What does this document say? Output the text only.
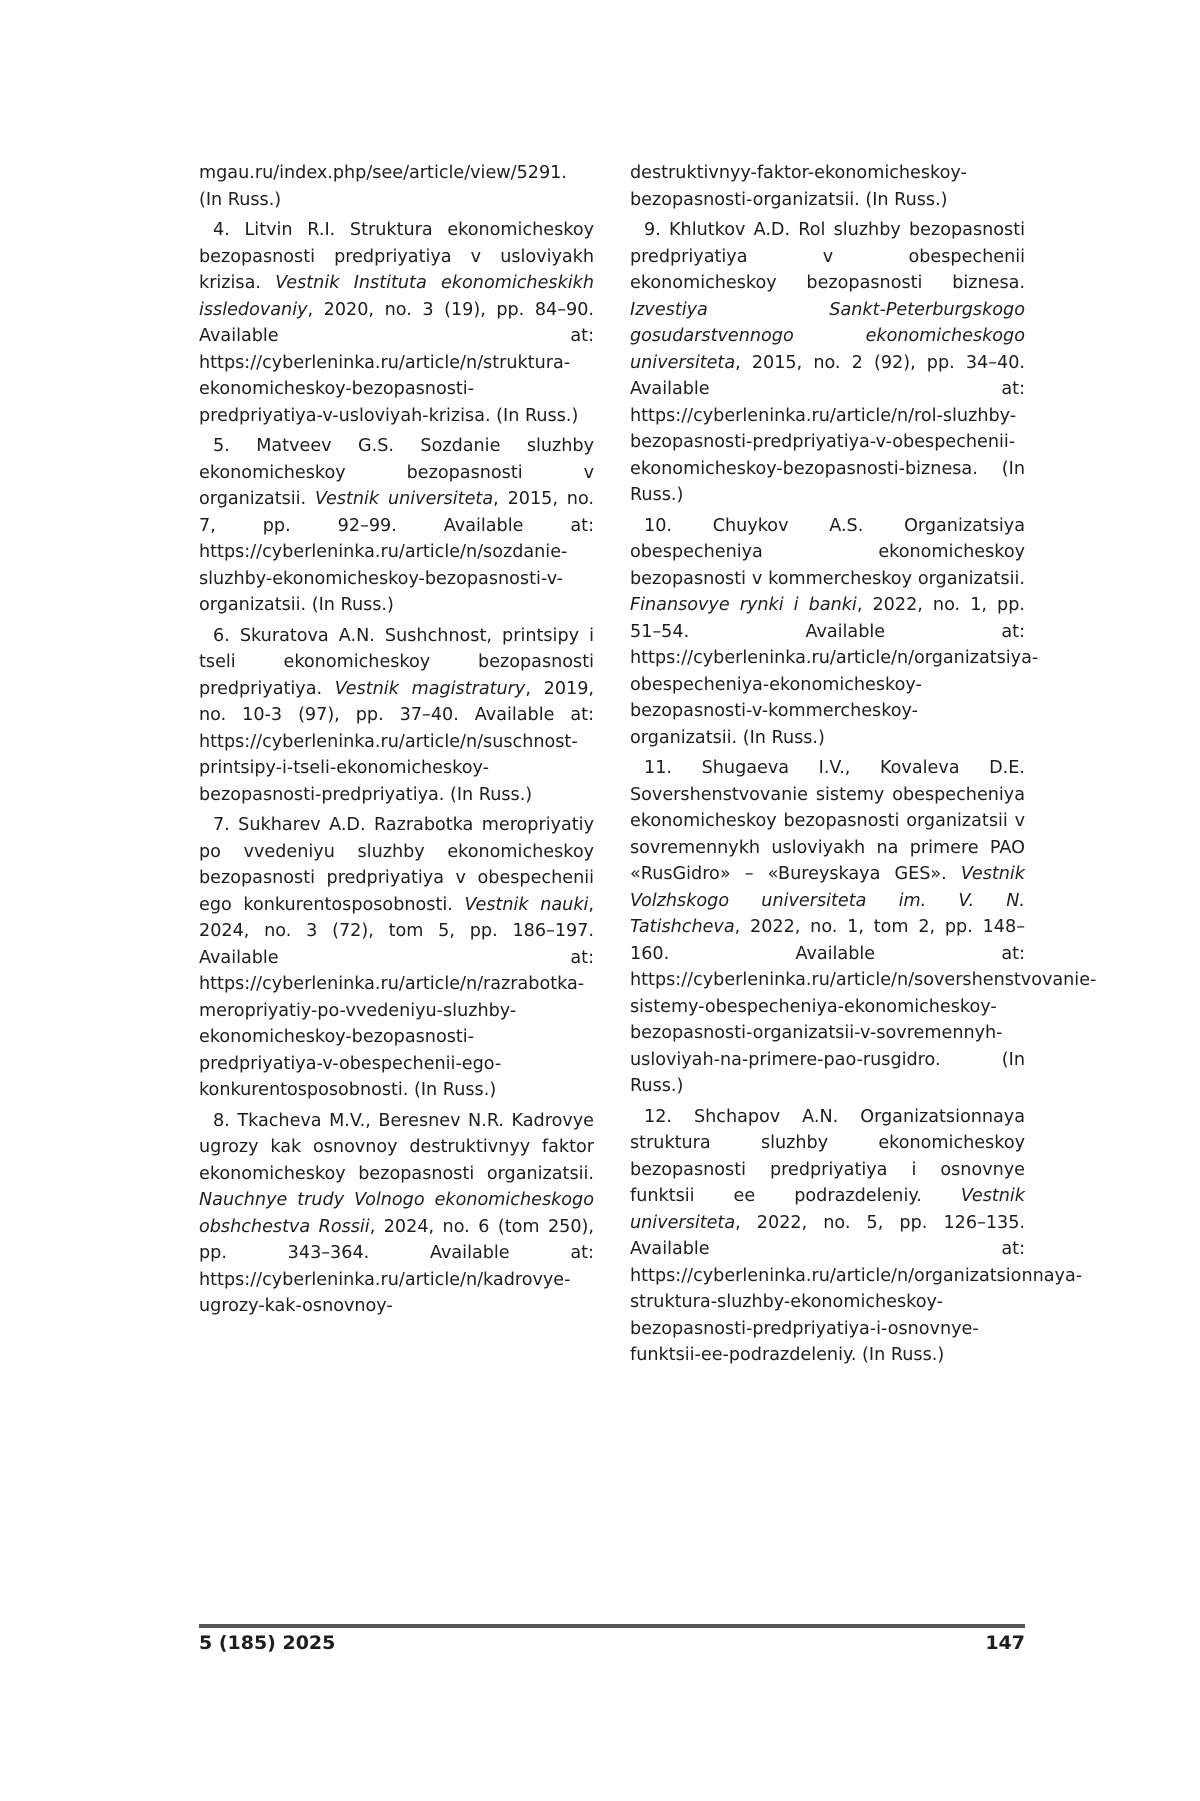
mgau.ru/index.php/see/article/view/5291. (In Russ.)

4. Litvin R.I. Struktura ekonomicheskoy bezopasnosti predpriyatiya v usloviyakh krizisa. Vestnik Instituta ekonomicheskikh issledovaniy, 2020, no. 3 (19), pp. 84–90. Available at: https://cyberleninka.ru/article/n/struktura-ekonomicheskoy-bezopasnosti-predpriyatiya-v-usloviyah-krizisa. (In Russ.)

5. Matveev G.S. Sozdanie sluzhby ekonomicheskoy bezopasnosti v organizatsii. Vestnik universiteta, 2015, no. 7, pp. 92–99. Available at: https://cyberleninka.ru/article/n/sozdanie-sluzhby-ekonomicheskoy-bezopasnosti-v-organizatsii. (In Russ.)

6. Skuratova A.N. Sushchnost, printsipy i tseli ekonomicheskoy bezopasnosti predpriyatiya. Vestnik magistratury, 2019, no. 10-3 (97), pp. 37–40. Available at: https://cyberleninka.ru/article/n/suschnost-printsipy-i-tseli-ekonomicheskoy-bezopasnosti-predpriyatiya. (In Russ.)

7. Sukharev A.D. Razrabotka meropriyatiy po vvedeniyu sluzhby ekonomicheskoy bezopasnosti predpriyatiya v obespechenii ego konkurentosposobnosti. Vestnik nauki, 2024, no. 3 (72), tom 5, pp. 186–197. Available at: https://cyberleninka.ru/article/n/razrabotka-meropriyatiy-po-vvedeniyu-sluzhby-ekonomicheskoy-bezopasnosti-predpriyatiya-v-obespechenii-ego-konkurentosposobnosti. (In Russ.)

8. Tkacheva M.V., Beresnev N.R. Kadrovye ugrozy kak osnovnoy destruktivnyy faktor ekonomicheskoy bezopasnosti organizatsii. Nauchnye trudy Volnogo ekonomicheskogo obshchestva Rossii, 2024, no. 6 (tom 250), pp. 343–364. Available at: https://cyberleninka.ru/article/n/kadrovye-ugrozy-kak-osnovnoy-

destruktivnyy-faktor-ekonomicheskoy-bezopasnosti-organizatsii. (In Russ.)

9. Khlutkov A.D. Rol sluzhby bezopasnosti predpriyatiya v obespechenii ekonomicheskoy bezopasnosti biznesa. Izvestiya Sankt-Peterburgskogo gosudarstvennogo ekonomicheskogo universiteta, 2015, no. 2 (92), pp. 34–40. Available at: https://cyberleninka.ru/article/n/rol-sluzhby-bezopasnosti-predpriyatiya-v-obespechenii-ekonomicheskoy-bezopasnosti-biznesa. (In Russ.)

10. Chuykov A.S. Organizatsiya obespecheniya ekonomicheskoy bezopasnosti v kommercheskoy organizatsii. Finansovye rynki i banki, 2022, no. 1, pp. 51–54. Available at: https://cyberleninka.ru/article/n/organizatsiya-obespecheniya-ekonomicheskoy-bezopasnosti-v-kommercheskoy-organizatsii. (In Russ.)

11. Shugaeva I.V., Kovaleva D.E. Sovershenstvovanie sistemy obespecheniya ekonomicheskoy bezopasnosti organizatsii v sovremennykh usloviyakh na primere PAO «RusGidro» – «Bureyskaya GES». Vestnik Volzhskogo universiteta im. V. N. Tatishcheva, 2022, no. 1, tom 2, pp. 148–160. Available at: https://cyberleninka.ru/article/n/sovershenstvovanie-sistemy-obespecheniya-ekonomicheskoy-bezopasnosti-organizatsii-v-sovremennyh-usloviyah-na-primere-pao-rusgidro. (In Russ.)

12. Shchapov A.N. Organizatsionnaya struktura sluzhby ekonomicheskoy bezopasnosti predpriyatiya i osnovnye funktsii ee podrazdeleniy. Vestnik universiteta, 2022, no. 5, pp. 126–135. Available at: https://cyberleninka.ru/article/n/organizatsionnaya-struktura-sluzhby-ekonomicheskoy-bezopasnosti-predpriyatiya-i-osnovnye-funktsii-ee-podrazdeleniy. (In Russ.)

5 (185) 2025	147
